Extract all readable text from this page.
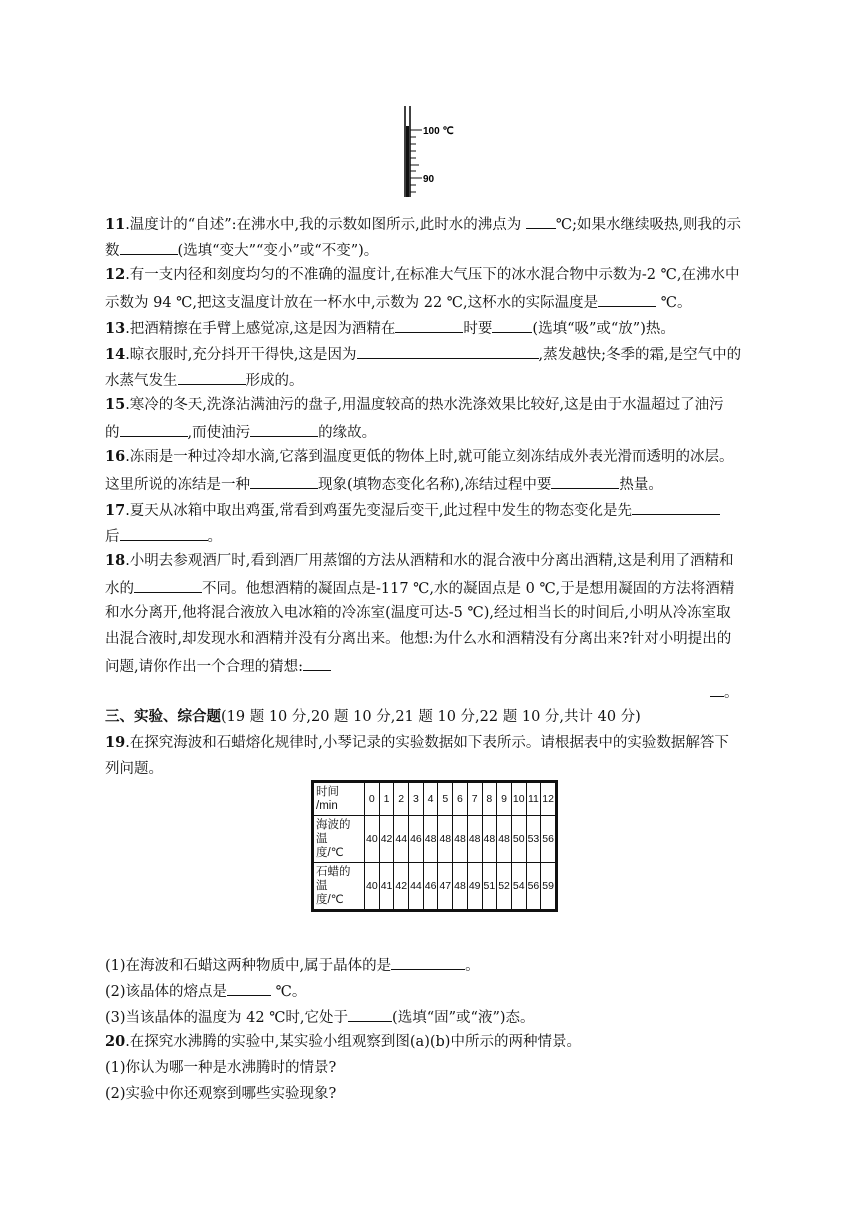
100 ℃
90
11.温度计的“自述”:在沸水中,我的示数如图所示,此时水的沸点为 ℃;如果水继续吸热,则我的示
数	(选填“变大”“变小”或“不变”)。
12.有一支内径和刻度均匀的不准确的温度计,在标准大气压下的冰水混合物中示数为-2 ℃,在沸水中
示数为 94 ℃,把这支温度计放在一杯水中,示数为 22 ℃,这杯水的实际温度是	℃。
13.把酒精擦在手臂上感觉凉,这是因为酒精在	时要	(选填“吸”或“放”)热。
14.晾衣服时,充分抖开干得快,这是因为	,蒸发越快;冬季的霜,是空气中的
水蒸气发生	形成的。
15.寒冷的冬天,洗涤沾满油污的盘子,用温度较高的热水洗涤效果比较好,这是由于水温超过了油污
的	,而使油污	的缘故。
16.冻雨是一种过冷却水滴,它落到温度更低的物体上时,就可能立刻冻结成外表光滑而透明的冰层。
这里所说的冻结是一种	现象(填物态变化名称),冻结过程中要	热量。
17.夏天从冰箱中取出鸡蛋,常看到鸡蛋先变湿后变干,此过程中发生的物态变化是先
后	。
18.小明去参观酒厂时,看到酒厂用蒸馏的方法从酒精和水的混合液中分离出酒精,这是利用了酒精和
水的	不同。他想酒精的凝固点是-117 ℃,水的凝固点是 0 ℃,于是想用凝固的方法将酒精
和水分离开,他将混合液放入电冰箱的冷冻室(温度可达-5 ℃),经过相当长的时间后,小明从冷冻室取
出混合液时,却发现水和酒精并没有分离出来。他想:为什么水和酒精没有分离出来?针对小明提出的
问题,请你作出一个合理的猜想:
。
三、实验、综合题(19 题 10 分,20 题 10 分,21 题 10 分,22 题 10 分,共计 40 分)
19.在探究海波和石蜡熔化规律时,小琴记录的实验数据如下表所示。请根据表中的实验数据解答下
列问题。
时间
/min	0	1	2	3	4	5	6	7	8	9	10	11	12
海波的
温
度/℃	40	42	44	46	48	48	48	48	48	48	50	53	56
石蜡的
温
度/℃	40	41	42	44	46	47	48	49	51	52	54	56	59
(1)在海波和石蜡这两种物质中,属于晶体的是	。
(2)该晶体的熔点是	℃。
(3)当该晶体的温度为 42 ℃时,它处于	(选填“固”或“液”)态。
20.在探究水沸腾的实验中,某实验小组观察到图(a)(b)中所示的两种情景。
(1)你认为哪一种是水沸腾时的情景?
(2)实验中你还观察到哪些实验现象?
